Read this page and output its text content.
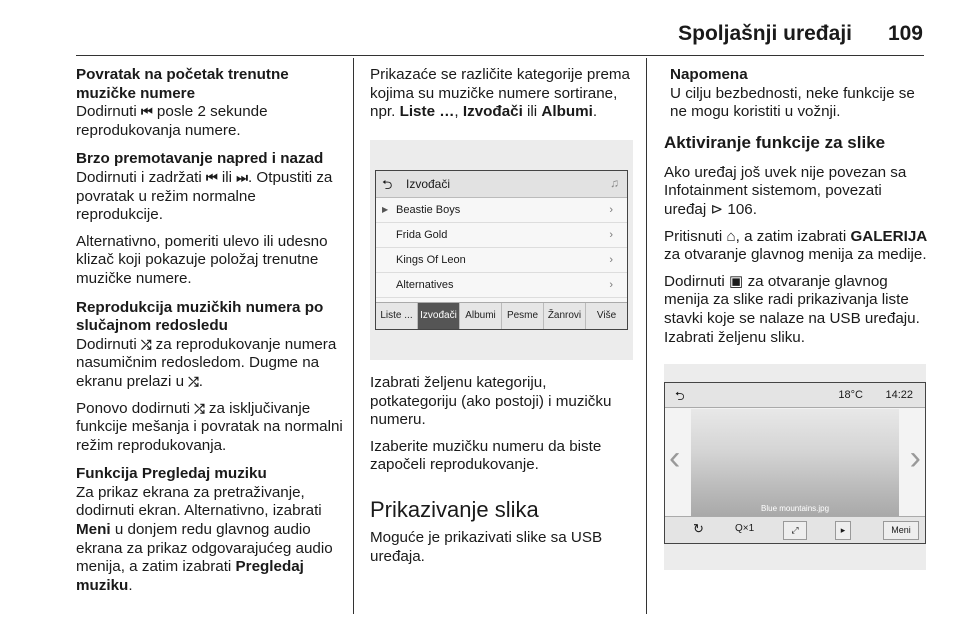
Spoljašnji uređaji 109

Povratak na početak trenutne muzičke numere

Dodirnuti ⏮ posle 2 sekunde reprodukovanja numere.

Brzo premotavanje napred i nazad

Dodirnuti i zadržati ⏮ ili ⏭. Otpustiti za povratak u režim normalne reprodukcije.

Alternativno, pomeriti ulevo ili udesno klizač koji pokazuje položaj trenutne muzičke numere.

Reprodukcija muzičkih numera po slučajnom redosledu

Dodirnuti ⤮ za reprodukovanje numera nasumičnim redosledom. Dugme na ekranu prelazi u ⤮.

Ponovo dodirnuti ⤮ za isključivanje funkcije mešanja i povratak na normalni režim reprodukovanja.

Funkcija Pregledaj muziku

Za prikaz ekrana za pretraživanje, dodirnuti ekran. Alternativno, izabrati Meni u donjem redu glavnog audio ekrana za prikaz odgovarajućeg audio menija, a zatim izabrati Pregledaj muziku.

Prikazaće se različite kategorije prema kojima su muzičke numere sortirane, npr. Liste …, Izvođači ili Albumi.

⮌ Izvođači	♫
▶ Beastie Boys	›
Frida Gold	›
Kings Of Leon	›
Alternatives	›
Liste ... Izvođači Albumi	Pesme Žanrovi	Više

Izabrati željenu kategoriju, potkategoriju (ako postoji) i muzičku numeru.

Izaberite muzičku numeru da biste započeli reprodukovanje.

Prikazivanje slika

Moguće je prikazivati slike sa USB uređaja.

Napomena

U cilju bezbednosti, neke funkcije se ne mogu koristiti u vožnji.

Aktiviranje funkcije za slike

Ako uređaj još uvek nije povezan sa Infotainment sistemom, povezati uređaj ⊳ 106.

Pritisnuti ⌂, a zatim izabrati GALERIJA za otvaranje glavnog menija za medije.

Dodirnuti ▣ za otvaranje glavnog menija za slike radi prikazivanja liste stavki koje se nalaze na USB uređaju. Izabrati željenu sliku.

⮌	18°C 14:22
Blue mountains.jpg
‹	›
↻	Q×1	⤢	▸	Meni
